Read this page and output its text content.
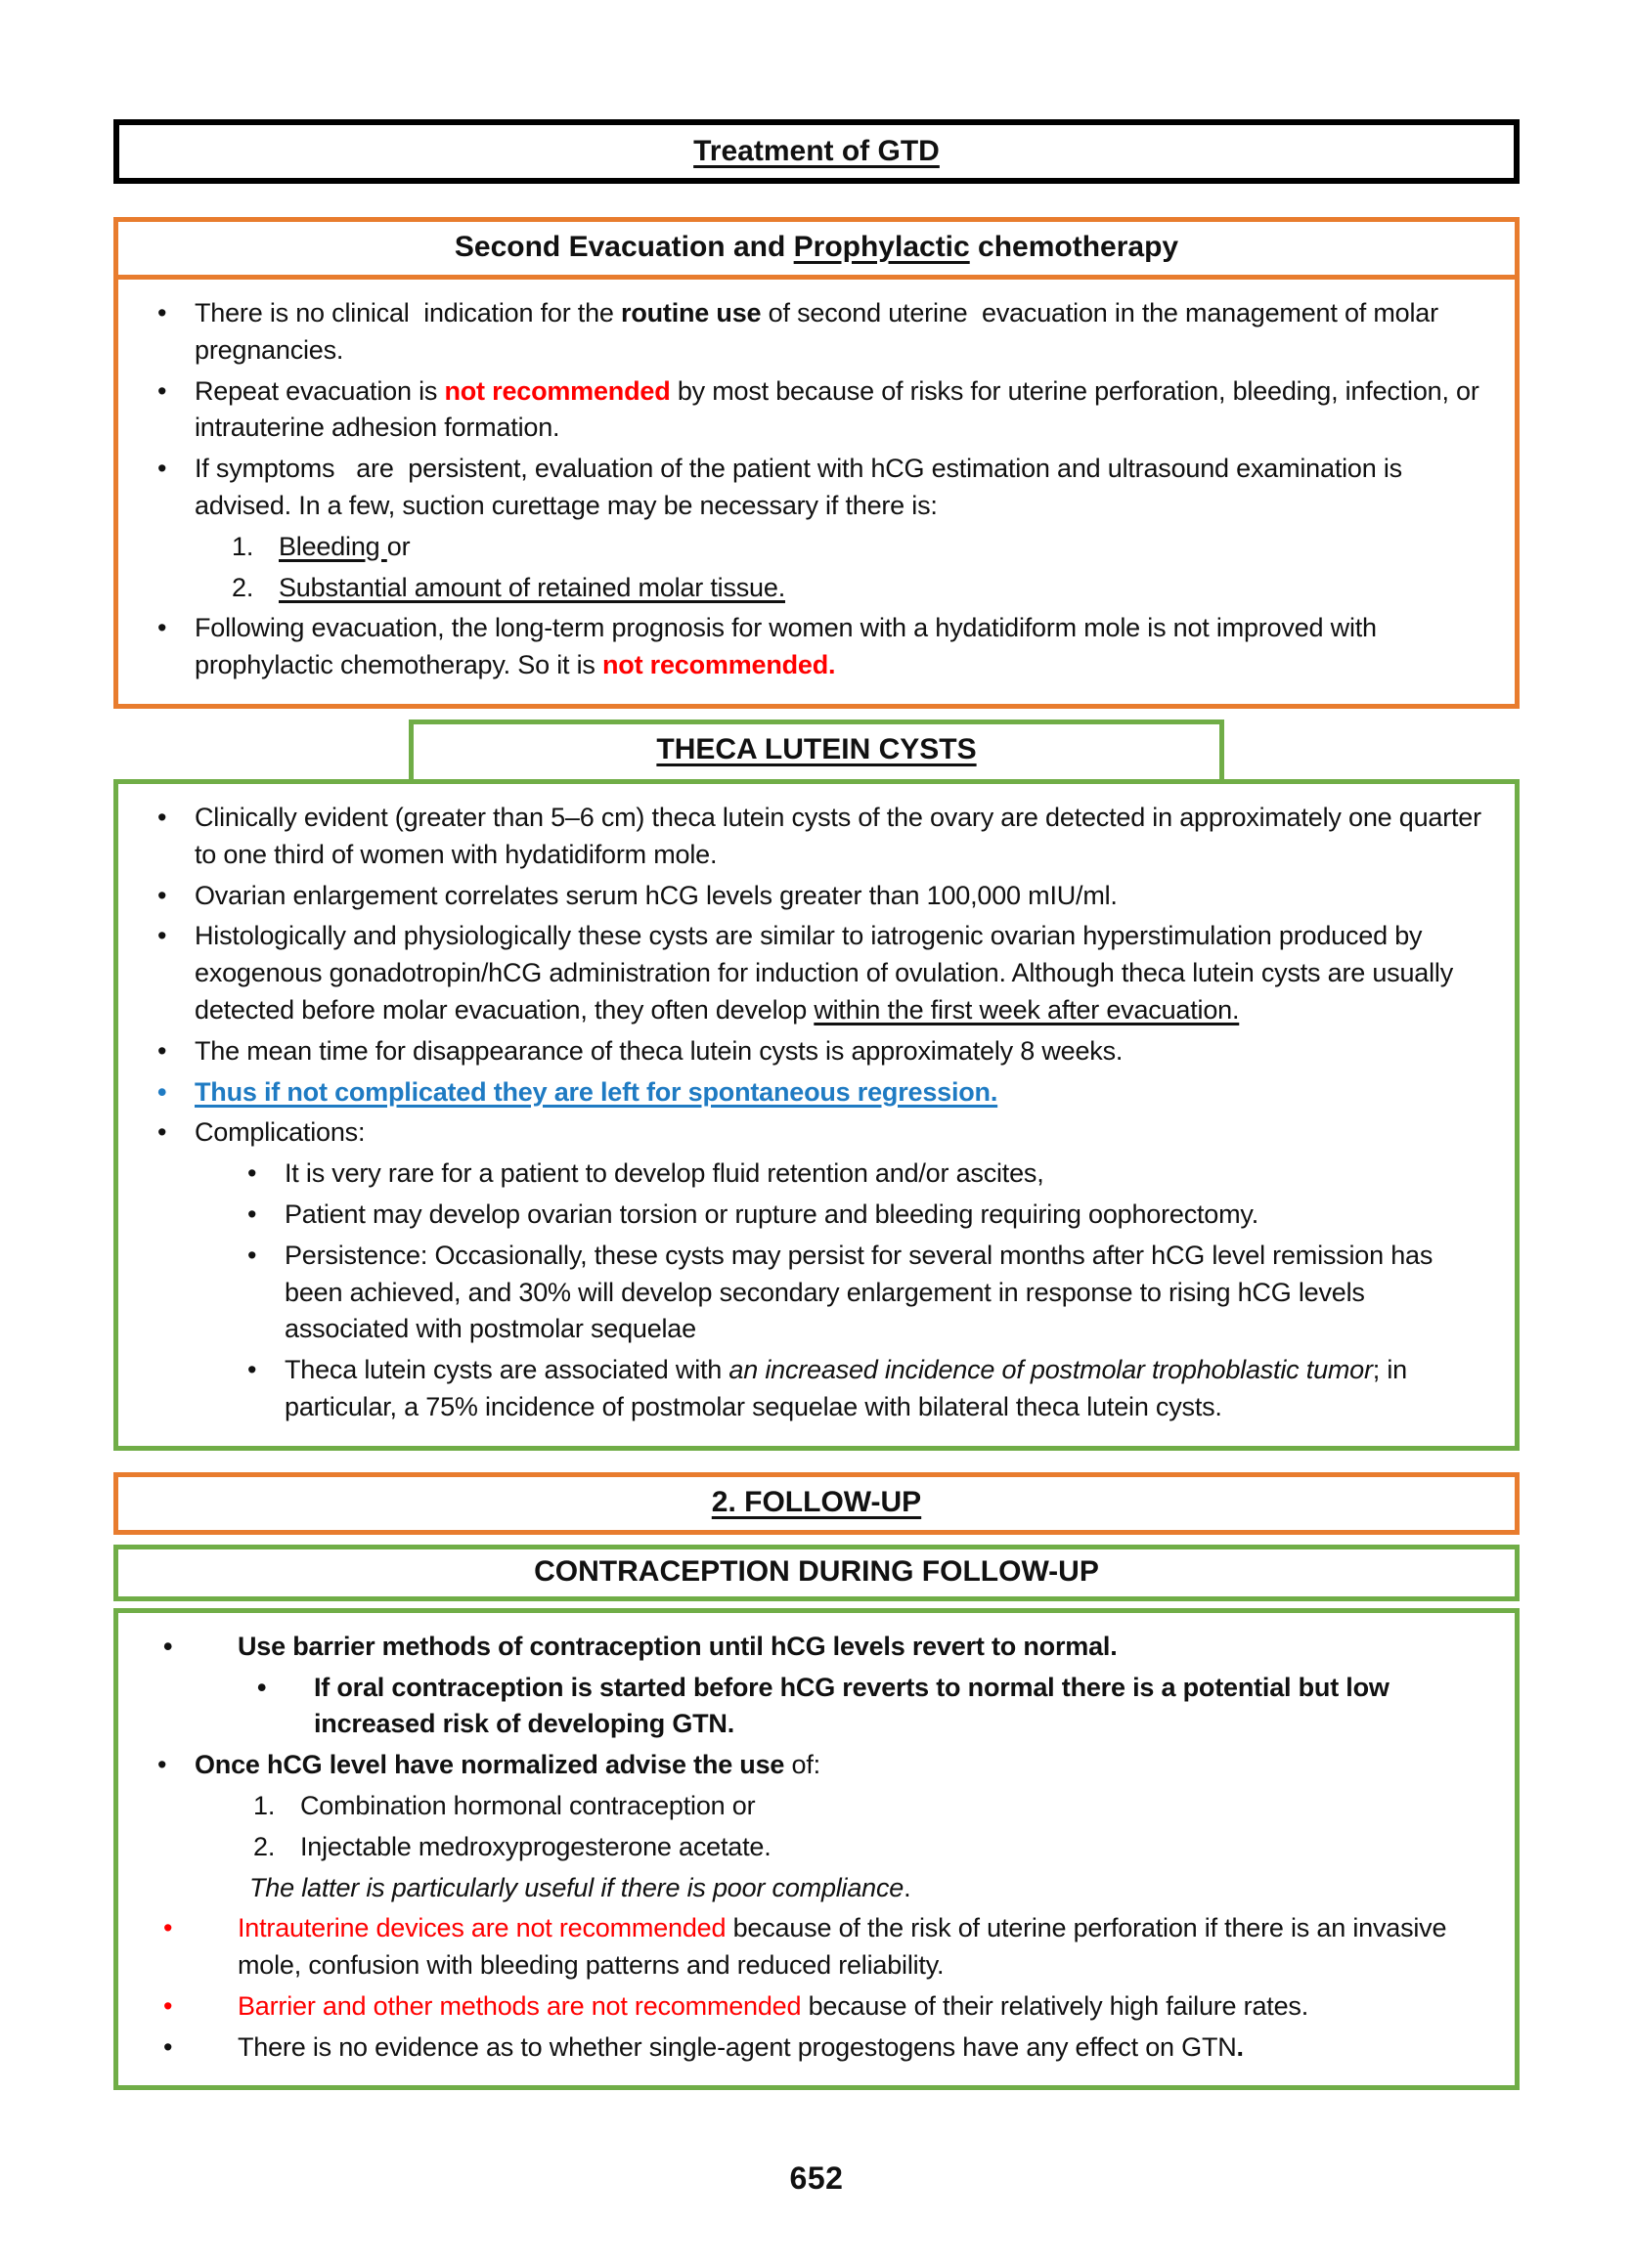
Treatment of GTD
Second Evacuation and Prophylactic chemotherapy
•
There is no clinical  indication for the routine use of second uterine  evacuation in the management of molar pregnancies.
•
Repeat evacuation is not recommended by most because of risks for uterine perforation, bleeding, infection, or intrauterine adhesion formation.
•
If symptoms   are  persistent, evaluation of the patient with hCG estimation and ultrasound examination is advised. In a few, suction curettage may be necessary if there is:
1. Bleeding or
2. Substantial amount of retained molar tissue.
•
Following evacuation, the long-term prognosis for women with a hydatidiform mole is not improved with prophylactic chemotherapy. So it is not recommended.
THECA LUTEIN CYSTS
•
Clinically evident (greater than 5–6 cm) theca lutein cysts of the ovary are detected in approximately one quarter to one third of women with hydatidiform mole.
•
Ovarian enlargement correlates serum hCG levels greater than 100,000 mIU/ml.
•
Histologically and physiologically these cysts are similar to iatrogenic ovarian hyperstimulation produced by exogenous gonadotropin/hCG administration for induction of ovulation. Although theca lutein cysts are usually detected before molar evacuation, they often develop within the first week after evacuation.
•
The mean time for disappearance of theca lutein cysts is approximately 8 weeks.
•
Thus if not complicated they are left for spontaneous regression.
•
Complications:
•
It is very rare for a patient to develop fluid retention and/or ascites,
•
Patient may develop ovarian torsion or rupture and bleeding requiring oophorectomy.
•
Persistence: Occasionally, these cysts may persist for several months after hCG level remission has been achieved, and 30% will develop secondary enlargement in response to rising hCG levels associated with postmolar sequelae
•
Theca lutein cysts are associated with an increased incidence of postmolar trophoblastic tumor; in particular, a 75% incidence of postmolar sequelae with bilateral theca lutein cysts.
2. FOLLOW-UP
CONTRACEPTION DURING FOLLOW-UP
•
Use barrier methods of contraception until hCG levels revert to normal.
•
If oral contraception is started before hCG reverts to normal there is a potential but low increased risk of developing GTN.
•
Once hCG level have normalized advise the use of:
1. Combination hormonal contraception or
2. Injectable medroxyprogesterone acetate.
The latter is particularly useful if there is poor compliance.
•
Intrauterine devices are not recommended because of the risk of uterine perforation if there is an invasive mole, confusion with bleeding patterns and reduced reliability.
•
Barrier and other methods are not recommended because of their relatively high failure rates.
•
There is no evidence as to whether single-agent progestogens have any effect on GTN.
652
